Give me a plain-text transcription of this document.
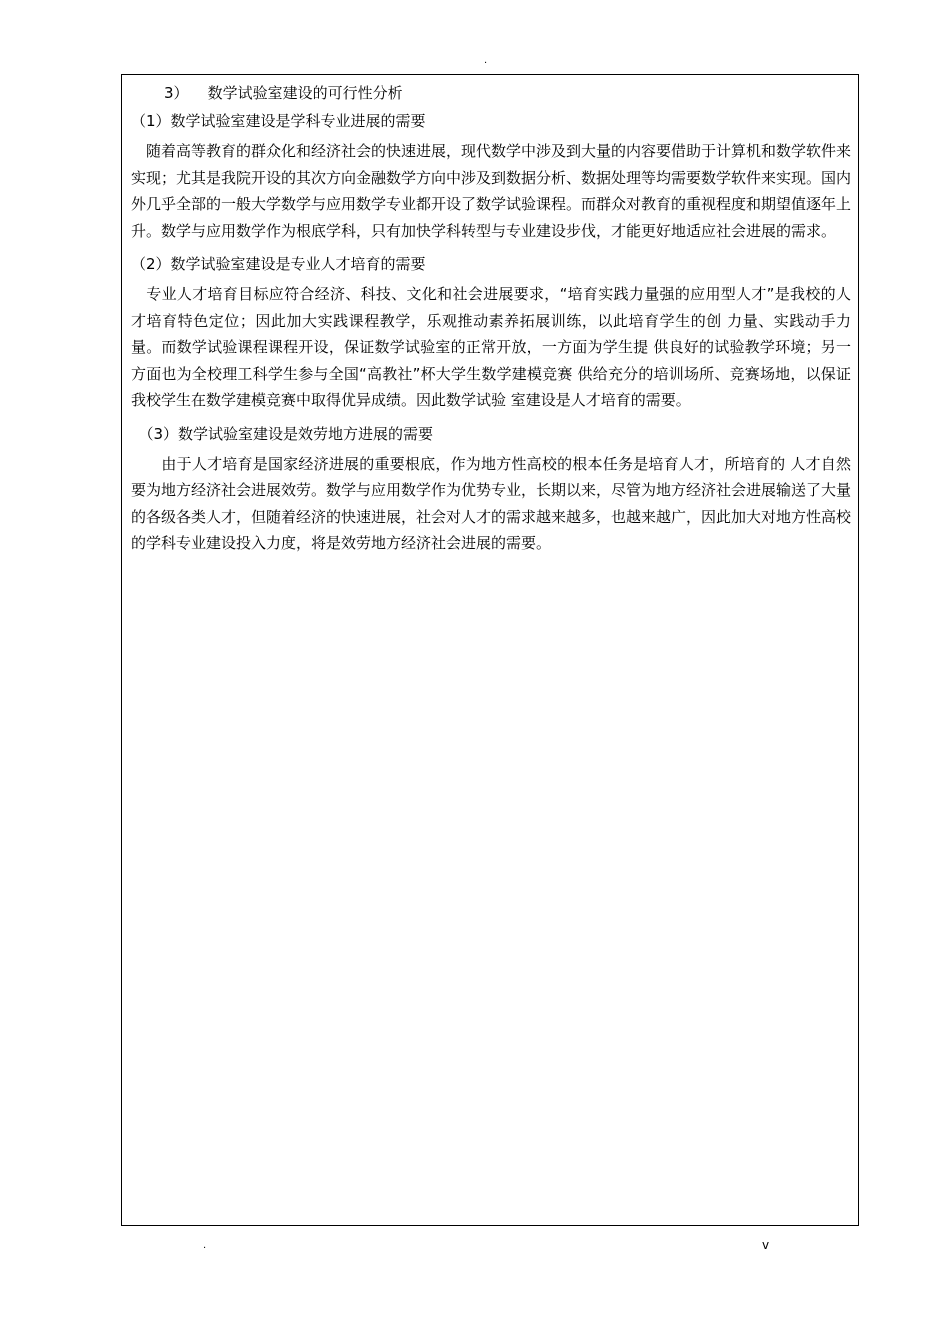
.
3）    数学试验室建设的可行性分析
（1）数学试验室建设是学科专业进展的需要
　随着高等教育的群众化和经济社会的快速进展，现代数学中涉及到大量的内容要借助于计算机和数学软件来实现；尤其是我院开设的其次方向金融数学方向中涉及到数据分析、数据处理等均需要数学软件来实现。国内外几乎全部的一般大学数学与应用数学专业都开设了数学试验课程。而群众对教育的重视程度和期望值逐年上升。数学与应用数学作为根底学科，只有加快学科转型与专业建设步伐，才能更好地适应社会进展的需求。
（2）数学试验室建设是专业人才培育的需要
　专业人才培育目标应符合经济、科技、文化和社会进展要求，“培育实践力量强的应用型人才”是我校的人才培育特色定位；因此加大实践课程教学，乐观推动素养拓展训练，以此培育学生的创 力量、实践动手力量。而数学试验课程课程开设，保证数学试验室的正常开放，一方面为学生提 供良好的试验教学环境；另一方面也为全校理工科学生参与全国“高教社”杯大学生数学建模竞赛 供给充分的培训场所、竞赛场地，以保证我校学生在数学建模竞赛中取得优异成绩。因此数学试验 室建设是人才培育的需要。
　（3）数学试验室建设是效劳地方进展的需要
　　由于人才培育是国家经济进展的重要根底，作为地方性高校的根本任务是培育人才，所培育的 人才自然要为地方经济社会进展效劳。数学与应用数学作为优势专业，长期以来，尽管为地方经济社会进展输送了大量的各级各类人才，但随着经济的快速进展，社会对人才的需求越来越多，也越来越广，因此加大对地方性高校的学科专业建设投入力度，将是效劳地方经济社会进展的需要。
.	v
